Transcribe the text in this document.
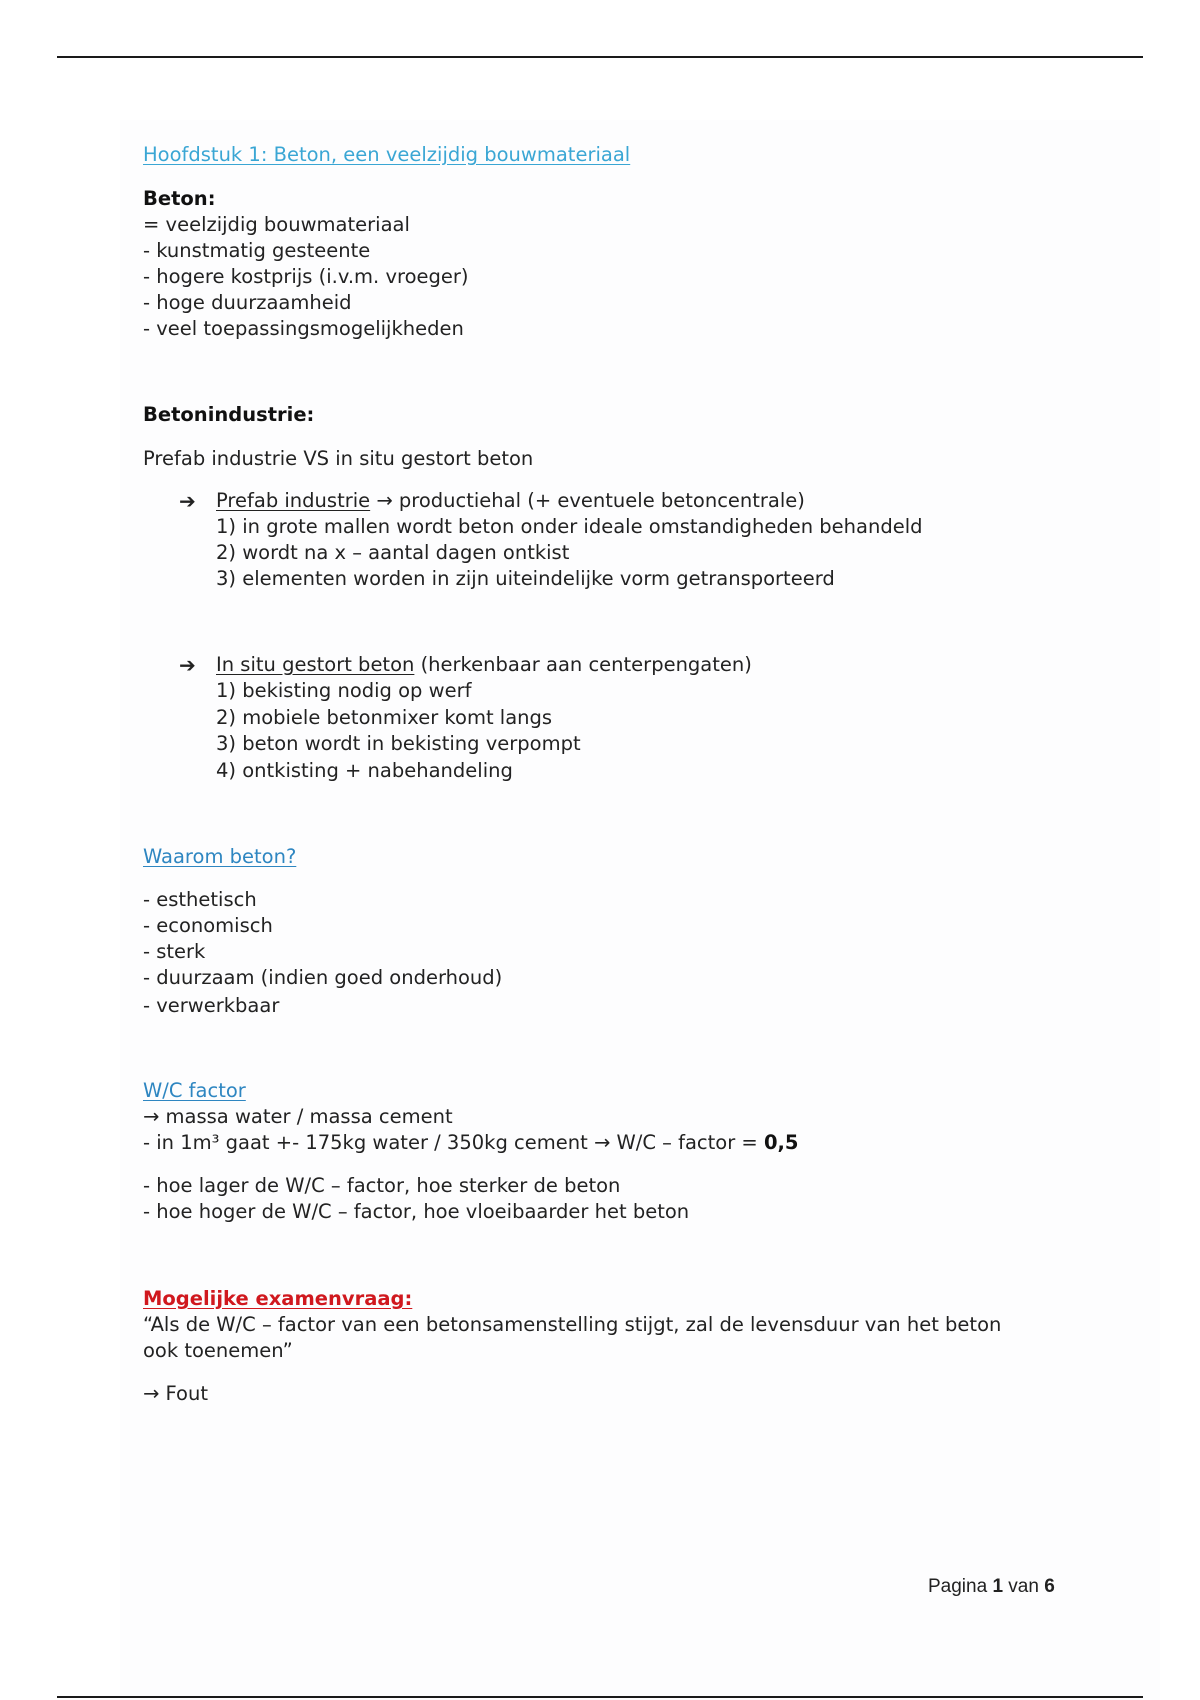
Hoofdstuk 1: Beton, een veelzijdig bouwmateriaal
Beton:
= veelzijdig bouwmateriaal
- kunstmatig gesteente
- hogere kostprijs (i.v.m. vroeger)
- hoge duurzaamheid
- veel toepassingsmogelijkheden
Betonindustrie:
Prefab industrie VS in situ gestort beton
➔ Prefab industrie → productiehal (+ eventuele betoncentrale)
1) in grote mallen wordt beton onder ideale omstandigheden behandeld
2) wordt na x – aantal dagen ontkist
3) elementen worden in zijn uiteindelijke vorm getransporteerd
➔ In situ gestort beton (herkenbaar aan centerpengaten)
1) bekisting nodig op werf
2) mobiele betonmixer komt langs
3) beton wordt in bekisting verpompt
4) ontkisting + nabehandeling
Waarom beton?
- esthetisch
- economisch
- sterk
- duurzaam (indien goed onderhoud)
- verwerkbaar
W/C factor
→ massa water / massa cement
- in 1m³ gaat +- 175kg water / 350kg cement → W/C – factor = 0,5
- hoe lager de W/C – factor, hoe sterker de beton
- hoe hoger de W/C – factor, hoe vloeibaarder het beton
Mogelijke examenvraag:
“Als de W/C – factor van een betonsamenstelling stijgt, zal de levensduur van het beton
ook toenemen”
→ Fout
Pagina 1 van 6
